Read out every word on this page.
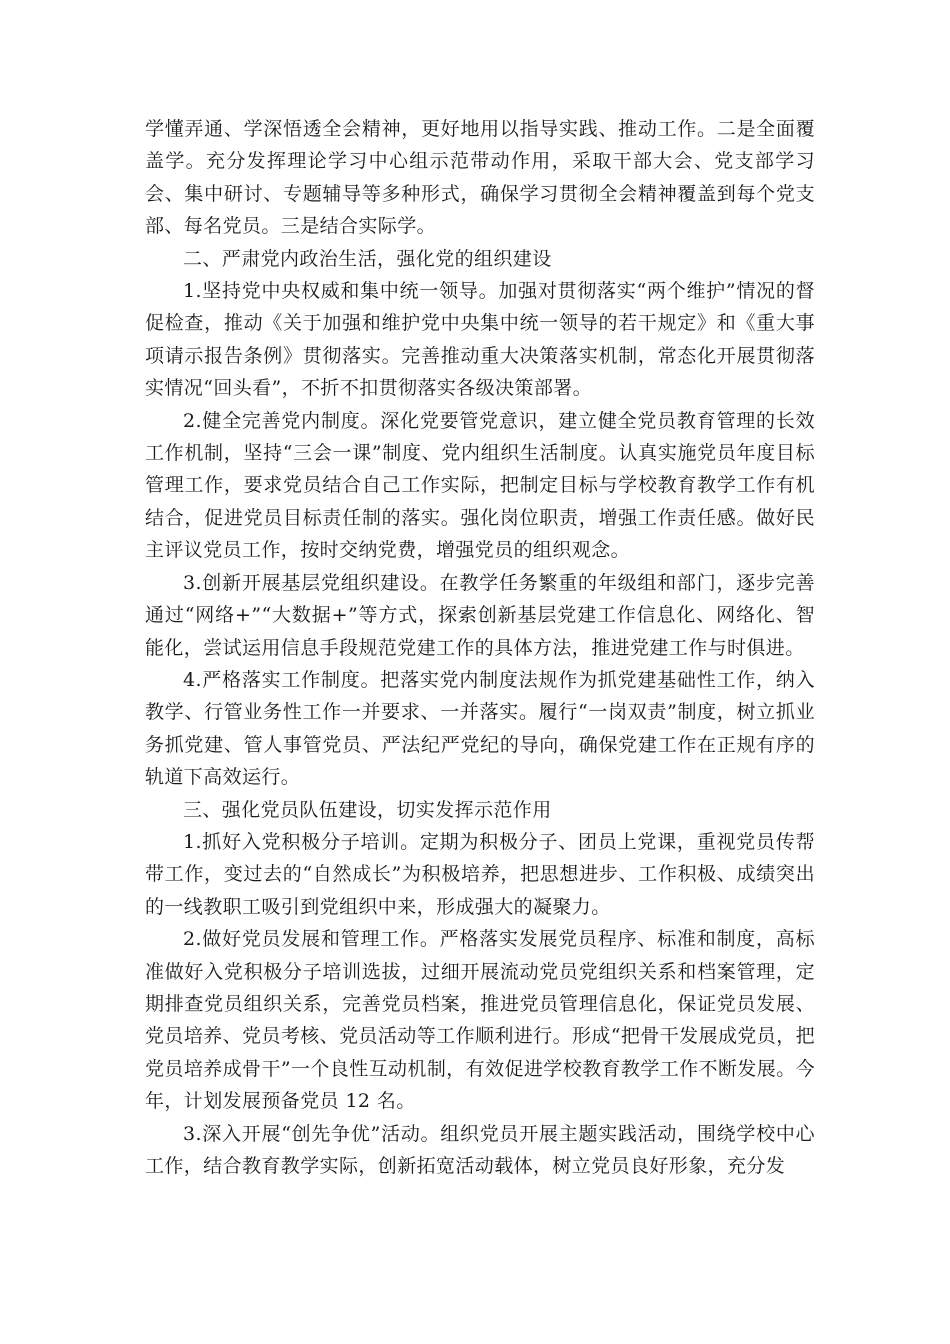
学懂弄通、学深悟透全会精神，更好地用以指导实践、推动工作。二是全面覆盖学。充分发挥理论学习中心组示范带动作用，采取干部大会、党支部学习会、集中研讨、专题辅导等多种形式，确保学习贯彻全会精神覆盖到每个党支部、每名党员。三是结合实际学。

二、严肃党内政治生活，强化党的组织建设

1.坚持党中央权威和集中统一领导。加强对贯彻落实“两个维护”情况的督促检查，推动《关于加强和维护党中央集中统一领导的若干规定》和《重大事项请示报告条例》贯彻落实。完善推动重大决策落实机制，常态化开展贯彻落实情况“回头看”，不折不扣贯彻落实各级决策部署。

2.健全完善党内制度。深化党要管党意识，建立健全党员教育管理的长效工作机制，坚持“三会一课”制度、党内组织生活制度。认真实施党员年度目标管理工作，要求党员结合自己工作实际，把制定目标与学校教育教学工作有机结合，促进党员目标责任制的落实。强化岗位职责，增强工作责任感。做好民主评议党员工作，按时交纳党费，增强党员的组织观念。

3.创新开展基层党组织建设。在教学任务繁重的年级组和部门，逐步完善通过“网络+”“大数据+”等方式，探索创新基层党建工作信息化、网络化、智能化，尝试运用信息手段规范党建工作的具体方法，推进党建工作与时俱进。

4.严格落实工作制度。把落实党内制度法规作为抓党建基础性工作，纳入教学、行管业务性工作一并要求、一并落实。履行“一岗双责”制度，树立抓业务抓党建、管人事管党员、严法纪严党纪的导向，确保党建工作在正规有序的轨道下高效运行。

三、强化党员队伍建设，切实发挥示范作用

1.抓好入党积极分子培训。定期为积极分子、团员上党课，重视党员传帮带工作，变过去的“自然成长”为积极培养，把思想进步、工作积极、成绩突出的一线教职工吸引到党组织中来，形成强大的凝聚力。

2.做好党员发展和管理工作。严格落实发展党员程序、标准和制度，高标准做好入党积极分子培训选拔，过细开展流动党员党组织关系和档案管理，定期排查党员组织关系，完善党员档案，推进党员管理信息化，保证党员发展、党员培养、党员考核、党员活动等工作顺利进行。形成“把骨干发展成党员，把党员培养成骨干”一个良性互动机制，有效促进学校教育教学工作不断发展。今年，计划发展预备党员 12 名。

3.深入开展“创先争优”活动。组织党员开展主题实践活动，围绕学校中心工作，结合教育教学实际，创新拓宽活动载体，树立党员良好形象，充分发
